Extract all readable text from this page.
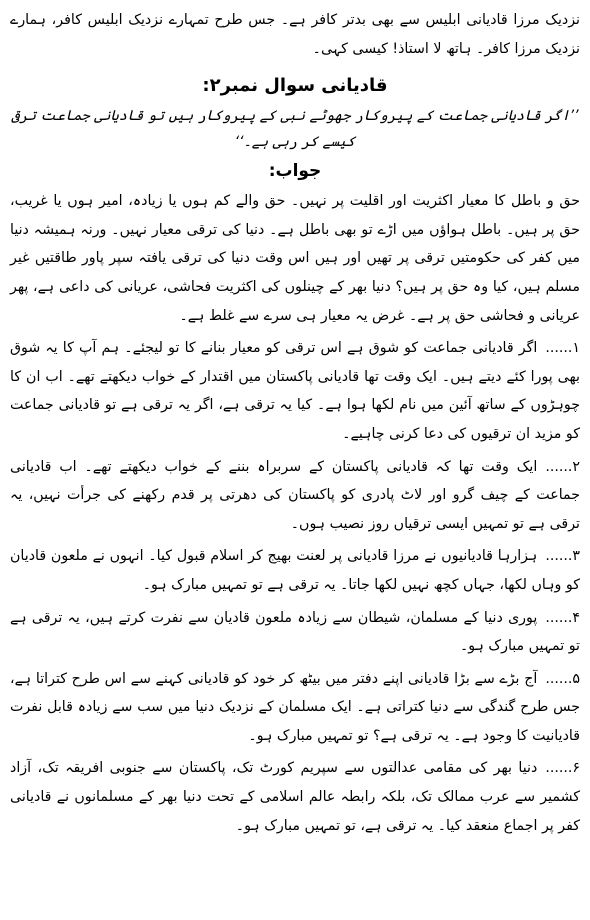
نزدیک مرزا قادیانی ابلیس سے بھی بدتر کافر ہے۔ جس طرح تمہارے نزدیک ابلیس کافر، ہمارے نزدیک مرزا کافر۔ ہاتھ لا استاذ! کیسی کہی۔

قادیانی سوال نمبر۲:
’’اگر قادیانی جماعت کے پیروکار جھوٹے نبی کے پیروکار ہیں تو قادیانی جماعت ترقی کیسے کر رہی ہے۔‘‘
جواب:

حق و باطل کا معیار اکثریت اور اقلیت پر نہیں۔ حق والے کم ہوں یا زیادہ، امیر ہوں یا غریب، حق پر ہیں۔ باطل ہواؤں میں اڑے تو بھی باطل ہے۔ دنیا کی ترقی معیار نہیں۔ ورنہ ہمیشہ دنیا میں کفر کی حکومتیں ترقی پر تھیں اور ہیں اس وقت دنیا کی ترقی یافتہ سپر پاور طاقتیں غیر مسلم ہیں، کیا وہ حق پر ہیں؟ دنیا بھر کے چینلوں کی اکثریت فحاشی، عریانی کی داعی ہے، پھر عریانی و فحاشی حق پر ہے۔ غرض یہ معیار ہی سرے سے غلط ہے۔

۱......اگر قادیانی جماعت کو شوق ہے اس ترقی کو معیار بنانے کا تو لیجئے۔ ہم آپ کا یہ شوق بھی پورا کئے دیتے ہیں۔ ایک وقت تھا قادیانی پاکستان میں اقتدار کے خواب دیکھتے تھے۔ اب ان کا چوہڑوں کے ساتھ آئین میں نام لکھا ہوا ہے۔ کیا یہ ترقی ہے، اگر یہ ترقی ہے تو قادیانی جماعت کو مزید ان ترقیوں کی دعا کرنی چاہیے۔

۲......ایک وقت تھا کہ قادیانی پاکستان کے سربراہ بننے کے خواب دیکھتے تھے۔ اب قادیانی جماعت کے چیف گرو اور لاٹ پادری کو پاکستان کی دھرتی پر قدم رکھنے کی جرأت نہیں، یہ ترقی ہے تو تمہیں ایسی ترقیاں روز نصیب ہوں۔

۳......ہزارہا قادیانیوں نے مرزا قادیانی پر لعنت بھیج کر اسلام قبول کیا۔ انہوں نے ملعون قادیان کو وہاں لکھا، جہاں کچھ نہیں لکھا جاتا۔ یہ ترقی ہے تو تمہیں مبارک ہو۔

۴......پوری دنیا کے مسلمان، شیطان سے زیادہ ملعون قادیان سے نفرت کرتے ہیں، یہ ترقی ہے تو تمہیں مبارک ہو۔

۵......آج بڑے سے بڑا قادیانی اپنے دفتر میں بیٹھ کر خود کو قادیانی کہنے سے اس طرح کتراتا ہے، جس طرح گندگی سے دنیا کتراتی ہے۔ ایک مسلمان کے نزدیک دنیا میں سب سے زیادہ قابل نفرت قادیانیت کا وجود ہے۔ یہ ترقی ہے؟ تو تمہیں مبارک ہو۔

۶......دنیا بھر کی مقامی عدالتوں سے سپریم کورٹ تک، پاکستان سے جنوبی افریقہ تک، آزاد کشمیر سے عرب ممالک تک، بلکہ رابطہ عالم اسلامی کے تحت دنیا بھر کے مسلمانوں نے قادیانی کفر پر اجماع منعقد کیا۔ یہ ترقی ہے، تو تمہیں مبارک ہو۔
